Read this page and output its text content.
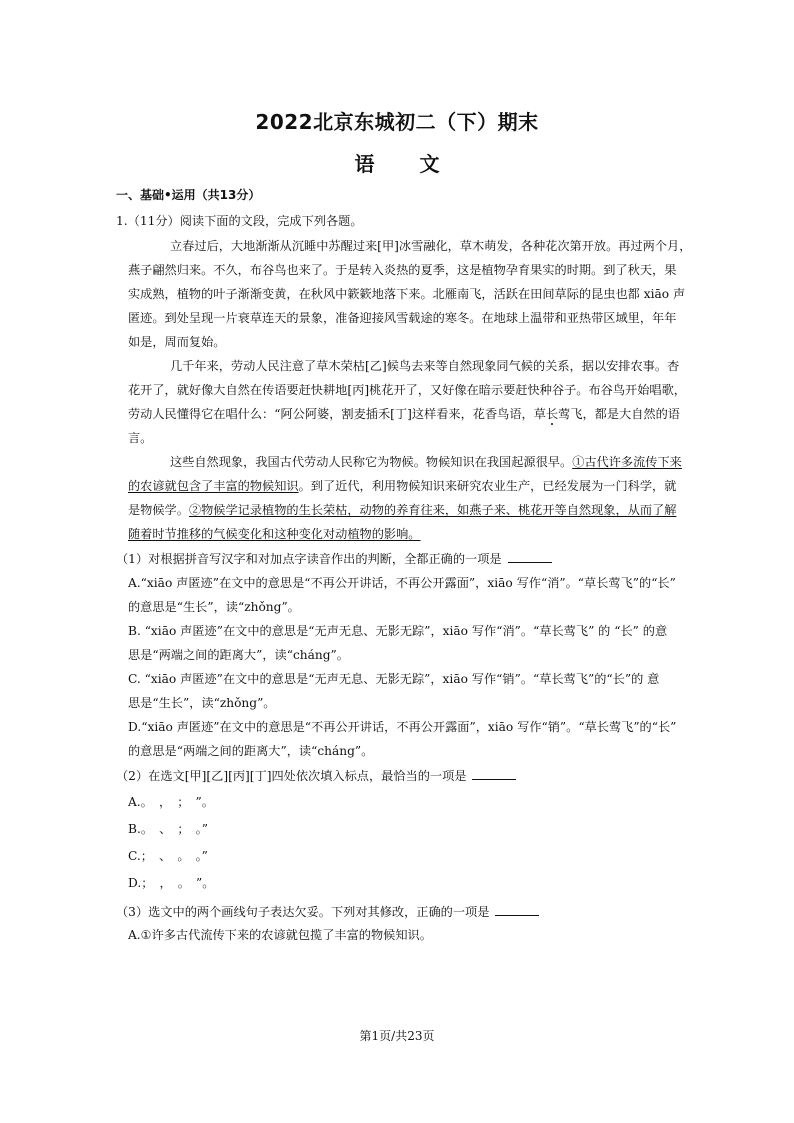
2022北京东城初二（下）期末
语 文
一、基础•运用（共13分）
1.（11分）阅读下面的文段，完成下列各题。
立春过后，大地渐渐从沉睡中苏醒过来[甲]冰雪融化，草木萌发，各种花次第开放。再过两个月，
燕子翩然归来。不久，布谷鸟也来了。于是转入炎热的夏季，这是植物孕育果实的时期。到了秋天，果
实成熟，植物的叶子渐渐变黄，在秋风中簌簌地落下来。北雁南飞，活跃在田间草际的昆虫也都 xiāo 声
匿迹。到处呈现一片衰草连天的景象，准备迎接风雪载途的寒冬。在地球上温带和亚热带区域里，年年
如是，周而复始。
几千年来，劳动人民注意了草木荣枯[乙]候鸟去来等自然现象同气候的关系，据以安排农事。杏
花开了，就好像大自然在传语要赶快耕地[丙]桃花开了，又好像在暗示要赶快种谷子。布谷鸟开始唱歌，
劳动人民懂得它在唱什么：“阿公阿婆，割麦插禾[丁]这样看来，花香鸟语，草长莺飞，都是大自然的语
言。
这些自然现象，我国古代劳动人民称它为物候。物候知识在我国起源很早。①古代许多流传下来
的农谚就包含了丰富的物候知识。到了近代，利用物候知识来研究农业生产，已经发展为一门科学，就
是物候学。②物候学记录植物的生长荣枯，动物的养育往来，如燕子来、桃花开等自然现象，从而了解
随着时节推移的气候变化和这种变化对动植物的影响。
（1）对根据拼音写汉字和对加点字读音作出的判断，全都正确的一项是
A.“xiāo 声匿迹”在文中的意思是“不再公开讲话，不再公开露面”，xiāo 写作“消”。“草长莺飞”的“长”
的意思是“生长”，读“zhǒng”。
B. “xiāo 声匿迹”在文中的意思是“无声无息、无影无踪”，xiāo 写作“消”。“草长莺飞” 的 “长” 的意
思是“两端之间的距离大”，读“cháng”。
C. “xiāo 声匿迹”在文中的意思是“无声无息、无影无踪”，xiāo 写作“销”。“草长莺飞”的“长”的 意
思是“生长”，读“zhǒng”。
D.“xiāo 声匿迹”在文中的意思是“不再公开讲话，不再公开露面”，xiāo 写作“销”。“草长莺飞”的“长”
的意思是“两端之间的距离大”，读“cháng”。
（2）在选文[甲][乙][丙][丁]四处依次填入标点，最恰当的一项是
A.。　，　；　”。
B.。　、　；　。”
C.；　、　。　。”
D.；　，　。　”。
（3）选文中的两个画线句子表达欠妥。下列对其修改，正确的一项是
A.①许多古代流传下来的农谚就包揽了丰富的物候知识。
第1页/共23页
